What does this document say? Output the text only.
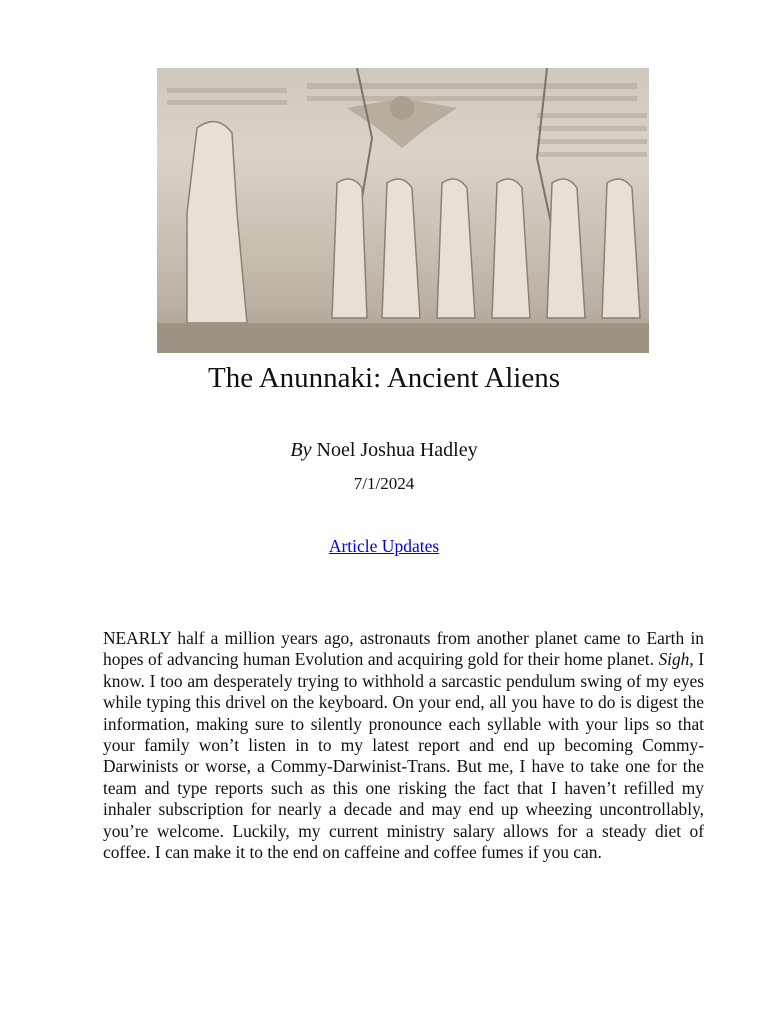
The Anunnaki: Ancient Aliens
By Noel Joshua Hadley
7/1/2024
Article Updates
NEARLY half a million years ago, astronauts from another planet came to Earth in hopes of advancing human Evolution and acquiring gold for their home planet. Sigh, I know. I too am desperately trying to withhold a sarcastic pendulum swing of my eyes while typing this drivel on the keyboard. On your end, all you have to do is digest the information, making sure to silently pronounce each syllable with your lips so that your family won’t listen in to my latest report and end up becoming Commy-Darwinists or worse, a Commy-Darwinist-Trans. But me, I have to take one for the team and type reports such as this one risking the fact that I haven’t refilled my inhaler subscription for nearly a decade and may end up wheezing uncontrollably, you’re welcome. Luckily, my current ministry salary allows for a steady diet of coffee. I can make it to the end on caffeine and coffee fumes if you can.
